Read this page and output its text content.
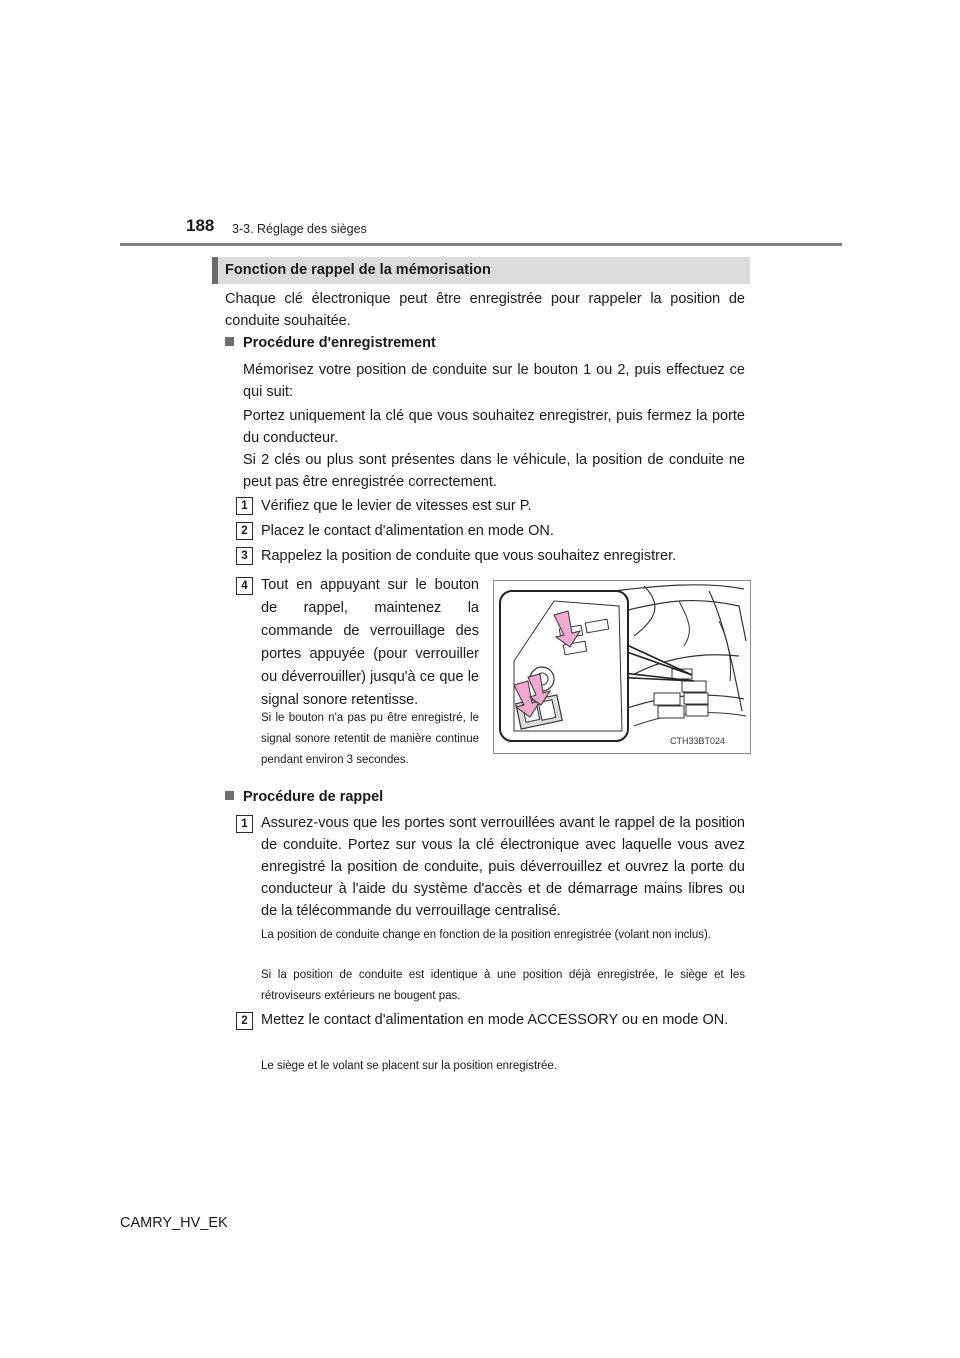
188 3-3. Réglage des sièges
Fonction de rappel de la mémorisation
Chaque clé électronique peut être enregistrée pour rappeler la position de conduite souhaitée.
Procédure d'enregistrement
Mémorisez votre position de conduite sur le bouton 1 ou 2, puis effectuez ce qui suit:
Portez uniquement la clé que vous souhaitez enregistrer, puis fermez la porte du conducteur.
Si 2 clés ou plus sont présentes dans le véhicule, la position de conduite ne peut pas être enregistrée correctement.
1 Vérifiez que le levier de vitesses est sur P.
2 Placez le contact d'alimentation en mode ON.
3 Rappelez la position de conduite que vous souhaitez enregistrer.
4 Tout en appuyant sur le bouton de rappel, maintenez la commande de verrouillage des portes appuyée (pour verrouiller ou déverrouiller) jusqu'à ce que le signal sonore retentisse.
Si le bouton n'a pas pu être enregistré, le signal sonore retentit de manière continue pendant environ 3 secondes.
CTH33BT024
Procédure de rappel
1 Assurez-vous que les portes sont verrouillées avant le rappel de la position de conduite. Portez sur vous la clé électronique avec laquelle vous avez enregistré la position de conduite, puis déverrouillez et ouvrez la porte du conducteur à l'aide du système d'accès et de démarrage mains libres ou de la télécommande du verrouillage centralisé.
La position de conduite change en fonction de la position enregistrée (volant non inclus).
Si la position de conduite est identique à une position déjà enregistrée, le siège et les rétroviseurs extérieurs ne bougent pas.
2 Mettez le contact d'alimentation en mode ACCESSORY ou en mode ON.
Le siège et le volant se placent sur la position enregistrée.
CAMRY_HV_EK
